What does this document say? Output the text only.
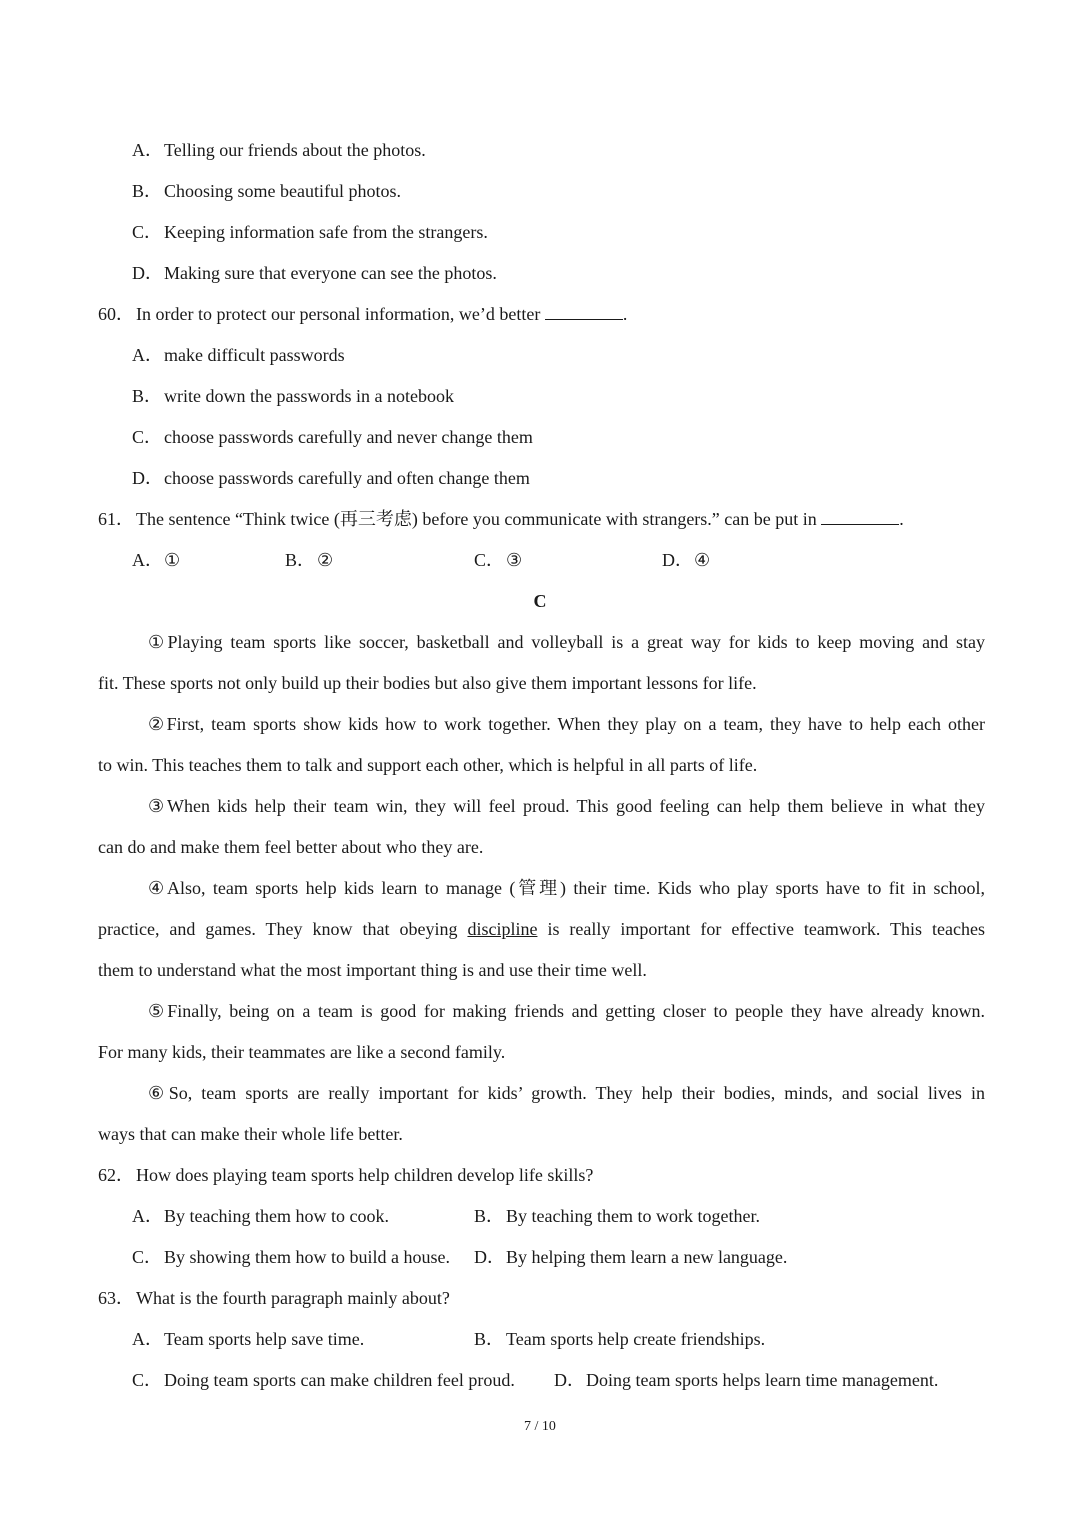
A．Telling our friends about the photos.
B． Choosing some beautiful photos.
C． Keeping information safe from the strangers.
D．Making sure that everyone can see the photos.
60． In order to protect our personal information, we’d better	.
A．make difficult passwords
B． write down the passwords in a notebook
C． choose passwords carefully and never change them
D．choose passwords carefully and often change them
61． The sentence “Think twice (再三考虑) before you communicate with strangers.” can be put in	.
A．①	B． ②	C． ③	D．④
C
①Playing team sports like soccer, basketball and volleyball is a great way for kids to keep moving and stay
fit. These sports not only build up their bodies but also give them important lessons for life.
②First, team sports show kids how to work together. When they play on a team, they have to help each other
to win. This teaches them to talk and support each other, which is helpful in all parts of life.
③When kids help their team win, they will feel proud. This good feeling can help them believe in what they
can do and make them feel better about who they are.
④Also, team sports help kids learn to manage (管理) their time. Kids who play sports have to fit in school,
practice, and games. They know that obeying discipline is really important for effective teamwork. This teaches
them to understand what the most important thing is and use their time well.
⑤Finally, being on a team is good for making friends and getting closer to people they have already known.
For many kids, their teammates are like a second family.
⑥So, team sports are really important for kids’ growth. They help their bodies, minds, and social lives in
ways that can make their whole life better.
62． How does playing team sports help children develop life skills?
A．By teaching them how to cook.	B． By teaching them to work together.
C． By showing them how to build a house. D．By helping them learn a new language.
63． What is the fourth paragraph mainly about?
A．Team sports help save time.	B． Team sports help create friendships.
C． Doing team sports can make children feel proud. D．Doing team sports helps learn time management.
7 / 10
